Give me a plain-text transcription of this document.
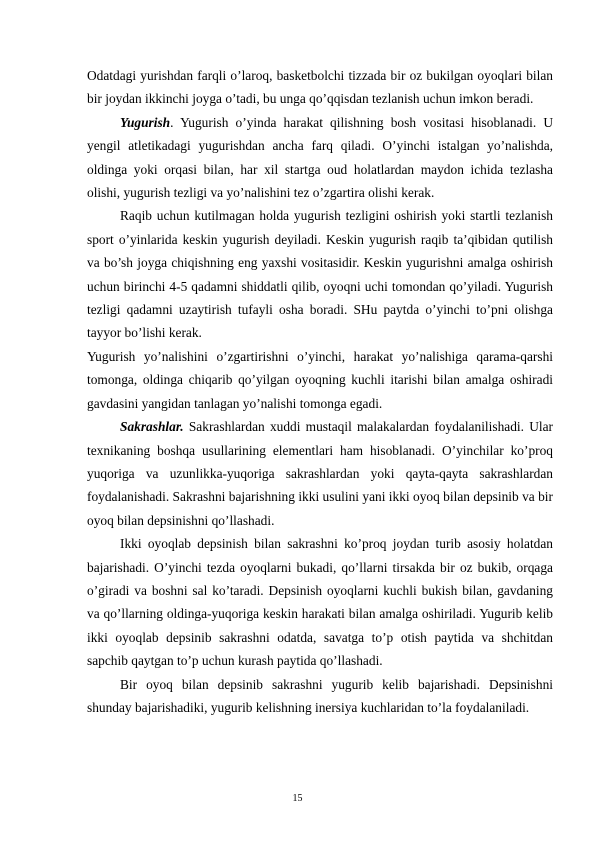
Odatdagi yurishdan farqli o’laroq, basketbolchi tizzada bir oz bukilgan oyoqlari bilan bir joydan ikkinchi joyga o’tadi, bu unga qo’qqisdan tezlanish uchun imkon beradi.

Yugurish. Yugurish o’yinda harakat qilishning bosh vositasi hisoblanadi. U yengil atletikadagi yugurishdan ancha farq qiladi. O’yinchi istalgan yo’nalishda, oldinga yoki orqasi bilan, har xil startga oud holatlardan maydon ichida tezlasha olishi, yugurish tezligi va yo’nalishini tez o’zgartira olishi kerak.

Raqib uchun kutilmagan holda yugurish tezligini oshirish yoki startli tezlanish sport o’yinlarida keskin yugurish deyiladi. Keskin yugurish raqib ta’qibidan qutilish va bo’sh joyga chiqishning eng yaxshi vositasidir. Keskin yugurishni amalga oshirish uchun birinchi 4-5 qadamni shiddatli qilib, oyoqni uchi tomondan qo’yiladi. Yugurish tezligi qadamni uzaytirish tufayli osha boradi. SHu paytda o’yinchi to’pni olishga tayyor bo’lishi kerak.

Yugurish yo’nalishini o’zgartirishni o’yinchi, harakat yo’nalishiga qarama-qarshi tomonga, oldinga chiqarib qo’yilgan oyoqning kuchli itarishi bilan amalga oshiradi gavdasini yangidan tanlagan yo’nalishi tomonga egadi.

Sakrashlar. Sakrashlardan xuddi mustaqil malakalardan foydalanilishadi. Ular texnikaning boshqa usullarining elementlari ham hisoblanadi. O’yinchilar ko’proq yuqoriga va uzunlikka-yuqoriga sakrashlardan yoki qayta-qayta sakrashlardan foydalanishadi. Sakrashni bajarishning ikki usulini yani ikki oyoq bilan depsinib va bir oyoq bilan depsinishni qo’llashadi.

Ikki oyoqlab depsinish bilan sakrashni ko’proq joydan turib asosiy holatdan bajarishadi. O’yinchi tezda oyoqlarni bukadi, qo’llarni tirsakda bir oz bukib, orqaga o’giradi va boshni sal ko’taradi. Depsinish oyoqlarni kuchli bukish bilan, gavdaning va qo’llarning oldinga-yuqoriga keskin harakati bilan amalga oshiriladi. Yugurib kelib ikki oyoqlab depsinib sakrashni odatda, savatga to’p otish paytida va shchitdan sapchib qaytgan to’p uchun kurash paytida qo’llashadi.

Bir oyoq bilan depsinib sakrashni yugurib kelib bajarishadi. Depsinishni shunday bajarishadiki, yugurib kelishning inersiya kuchlaridan to’la foydalaniladi.

15
